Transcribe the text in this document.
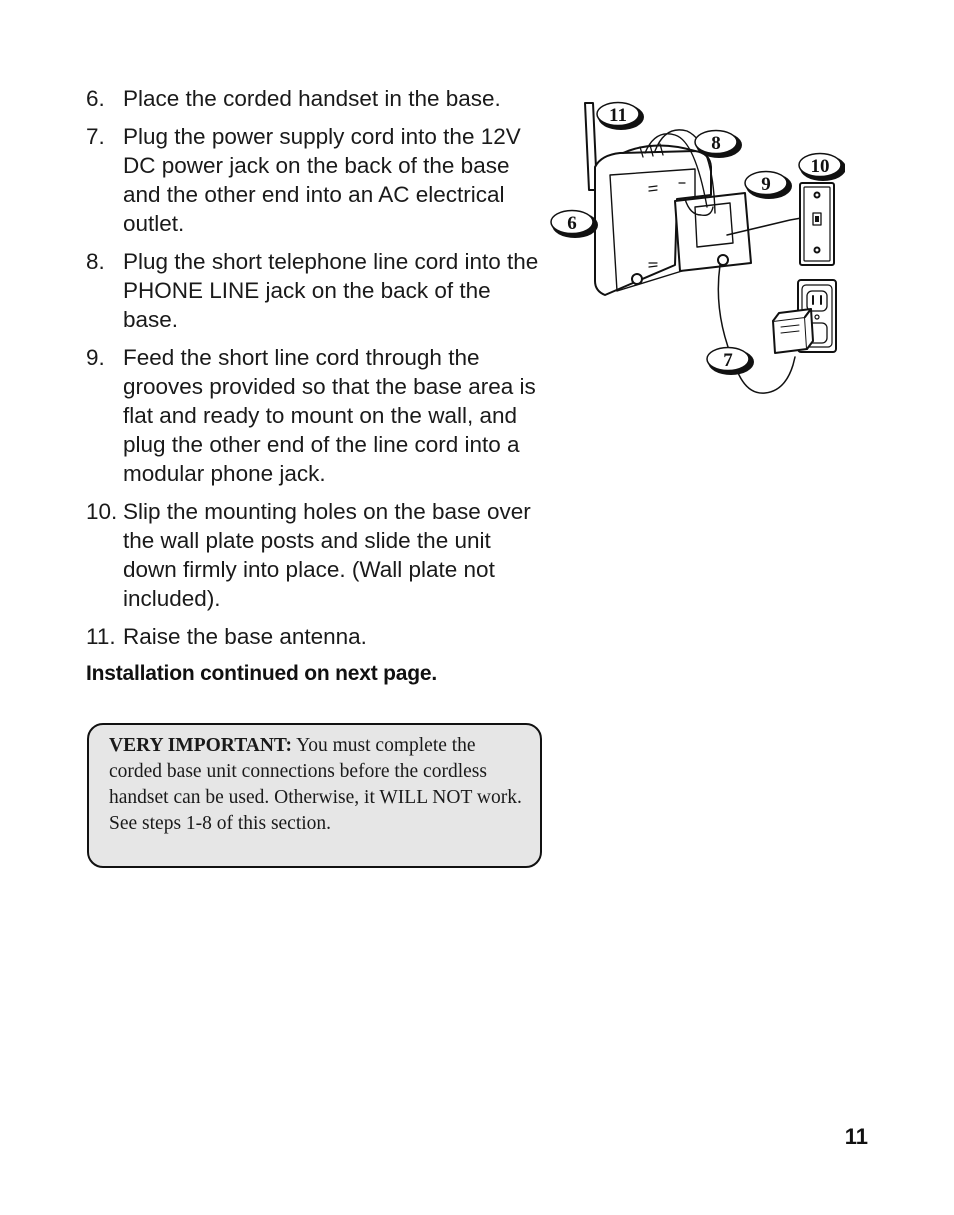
6. Place the corded handset in the base.
7. Plug the power supply cord into the 12V DC power jack on the back of the base and the other end into an AC electrical outlet.
8. Plug the short telephone line cord into the PHONE LINE jack on the back of the base.
9. Feed the short line cord through the grooves provided so that the base area is flat and ready to mount on the wall, and plug the other end of the line cord into a modular phone jack.
10. Slip the mounting holes on the base over the wall plate posts and slide the unit down firmly into place. (Wall plate not included).
11. Raise the base antenna.
Installation continued on next page.
VERY IMPORTANT: You must complete the corded base unit connections before the cordless handset can be used. Otherwise, it WILL NOT work. See steps 1-8 of this section.
11
8
10
9
6
7
11
